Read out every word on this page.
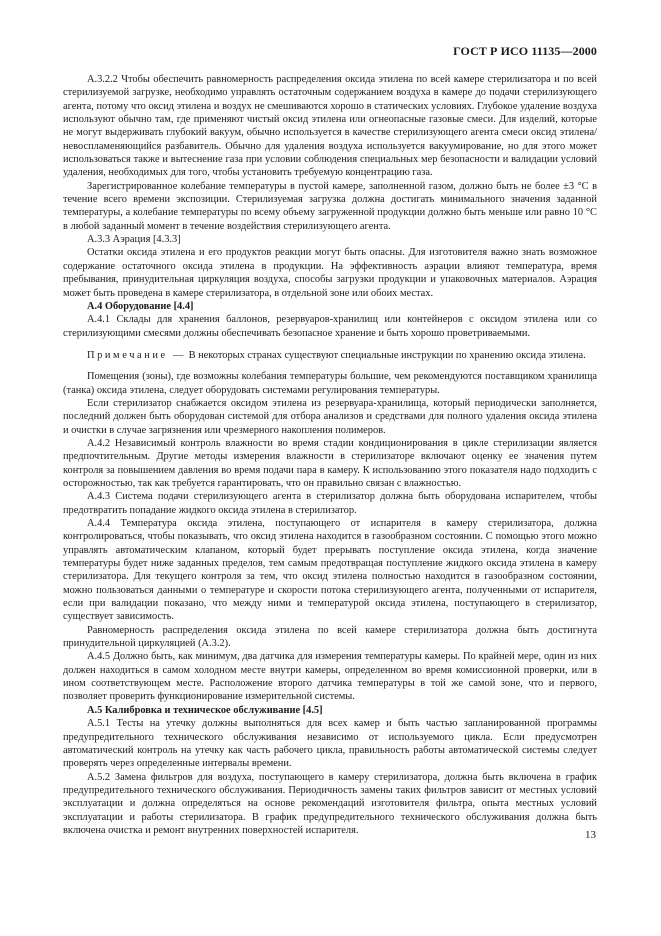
ГОСТ Р ИСО 11135—2000

А.3.2.2 Чтобы обеспечить равномерность распределения оксида этилена по всей камере стерилизатора и по всей стерилизуемой загрузке, необходимо управлять остаточным содержанием воздуха в камере до подачи стерилизующего агента, потому что оксид этилена и воздух не смешиваются хорошо в статических условиях. Глубокое удаление воздуха используют обычно там, где применяют чистый оксид этилена или огнеопасные газовые смеси. Для изделий, которые не могут выдерживать глубокий вакуум, обычно используется в качестве стерилизующего агента смеси оксид этилена/невоспламеняющийся разбавитель. Обычно для удаления воздуха используется вакуумирование, но для этого может использоваться также и вытеснение газа при условии соблюдения специальных мер безопасности и валидации условий удаления, необходимых для того, чтобы установить требуемую концентрацию газа.

Зарегистрированное колебание температуры в пустой камере, заполненной газом, должно быть не более ±3 °С в течение всего времени экспозиции. Стерилизуемая загрузка должна достигать минимального значения заданной температуры, а колебание температуры по всему объему загруженной продукции должно быть меньше или равно 10 °С в любой заданный момент в течение воздействия стерилизующего агента.

А.3.3 Аэрация [4.3.3]

Остатки оксида этилена и его продуктов реакции могут быть опасны. Для изготовителя важно знать возможное содержание остаточного оксида этилена в продукции. На эффективность аэрации влияют температура, время пребывания, принудительная циркуляция воздуха, способы загрузки продукции и упаковочных материалов. Аэрация может быть проведена в камере стерилизатора, в отдельной зоне или обоих местах.

А.4 Оборудование [4.4]

А.4.1 Склады для хранения баллонов, резервуаров-хранилищ или контейнеров с оксидом этилена или со стерилизующими смесями должны обеспечивать безопасное хранение и быть хорошо проветриваемыми.

Примечание — В некоторых странах существуют специальные инструкции по хранению оксида этилена.

Помещения (зоны), где возможны колебания температуры большие, чем рекомендуются поставщиком хранилища (танка) оксида этилена, следует оборудовать системами регулирования температуры.

Если стерилизатор снабжается оксидом этилена из резервуара-хранилища, который периодически заполняется, последний должен быть оборудован системой для отбора анализов и средствами для полного удаления оксида этилена и очистки в случае загрязнения или чрезмерного накопления полимеров.

А.4.2 Независимый контроль влажности во время стадии кондиционирования в цикле стерилизации является предпочтительным. Другие методы измерения влажности в стерилизаторе включают оценку ее значения путем контроля за повышением давления во время подачи пара в камеру. К использованию этого показателя надо подходить с осторожностью, так как требуется гарантировать, что он правильно связан с влажностью.

А.4.3 Система подачи стерилизующего агента в стерилизатор должна быть оборудована испарителем, чтобы предотвратить попадание жидкого оксида этилена в стерилизатор.

А.4.4 Температура оксида этилена, поступающего от испарителя в камеру стерилизатора, должна контролироваться, чтобы показывать, что оксид этилена находится в газообразном состоянии. С помощью этого можно управлять автоматическим клапаном, который будет прерывать поступление оксида этилена, когда значение температуры будет ниже заданных пределов, тем самым предотвращая поступление жидкого оксида этилена в камеру стерилизатора. Для текущего контроля за тем, что оксид этилена полностью находится в газообразном состоянии, можно пользоваться данными о температуре и скорости потока стерилизующего агента, полученными от испарителя, если при валидации показано, что между ними и температурой оксида этилена, поступающего в стерилизатор, существует зависимость.

Равномерность распределения оксида этилена по всей камере стерилизатора должна быть достигнута принудительной циркуляцией (А.3.2).

А.4.5 Должно быть, как минимум, два датчика для измерения температуры камеры. По крайней мере, один из них должен находиться в самом холодном месте внутри камеры, определенном во время комиссионной проверки, или в ином соответствующем месте. Расположение второго датчика температуры в той же самой зоне, что и первого, позволяет проверить функционирование измерительной системы.

А.5 Калибровка и техническое обслуживание [4.5]

А.5.1 Тесты на утечку должны выполняться для всех камер и быть частью запланированной программы предупредительного технического обслуживания независимо от используемого цикла. Если предусмотрен автоматический контроль на утечку как часть рабочего цикла, правильность работы автоматической системы следует проверять через определенные интервалы времени.

А.5.2 Замена фильтров для воздуха, поступающего в камеру стерилизатора, должна быть включена в график предупредительного технического обслуживания. Периодичность замены таких фильтров зависит от местных условий эксплуатации и должна определяться на основе рекомендаций изготовителя фильтра, опыта местных условий эксплуатации и работы стерилизатора. В график предупредительного технического обслуживания должна быть включена очистка и ремонт внутренних поверхностей испарителя.	13
